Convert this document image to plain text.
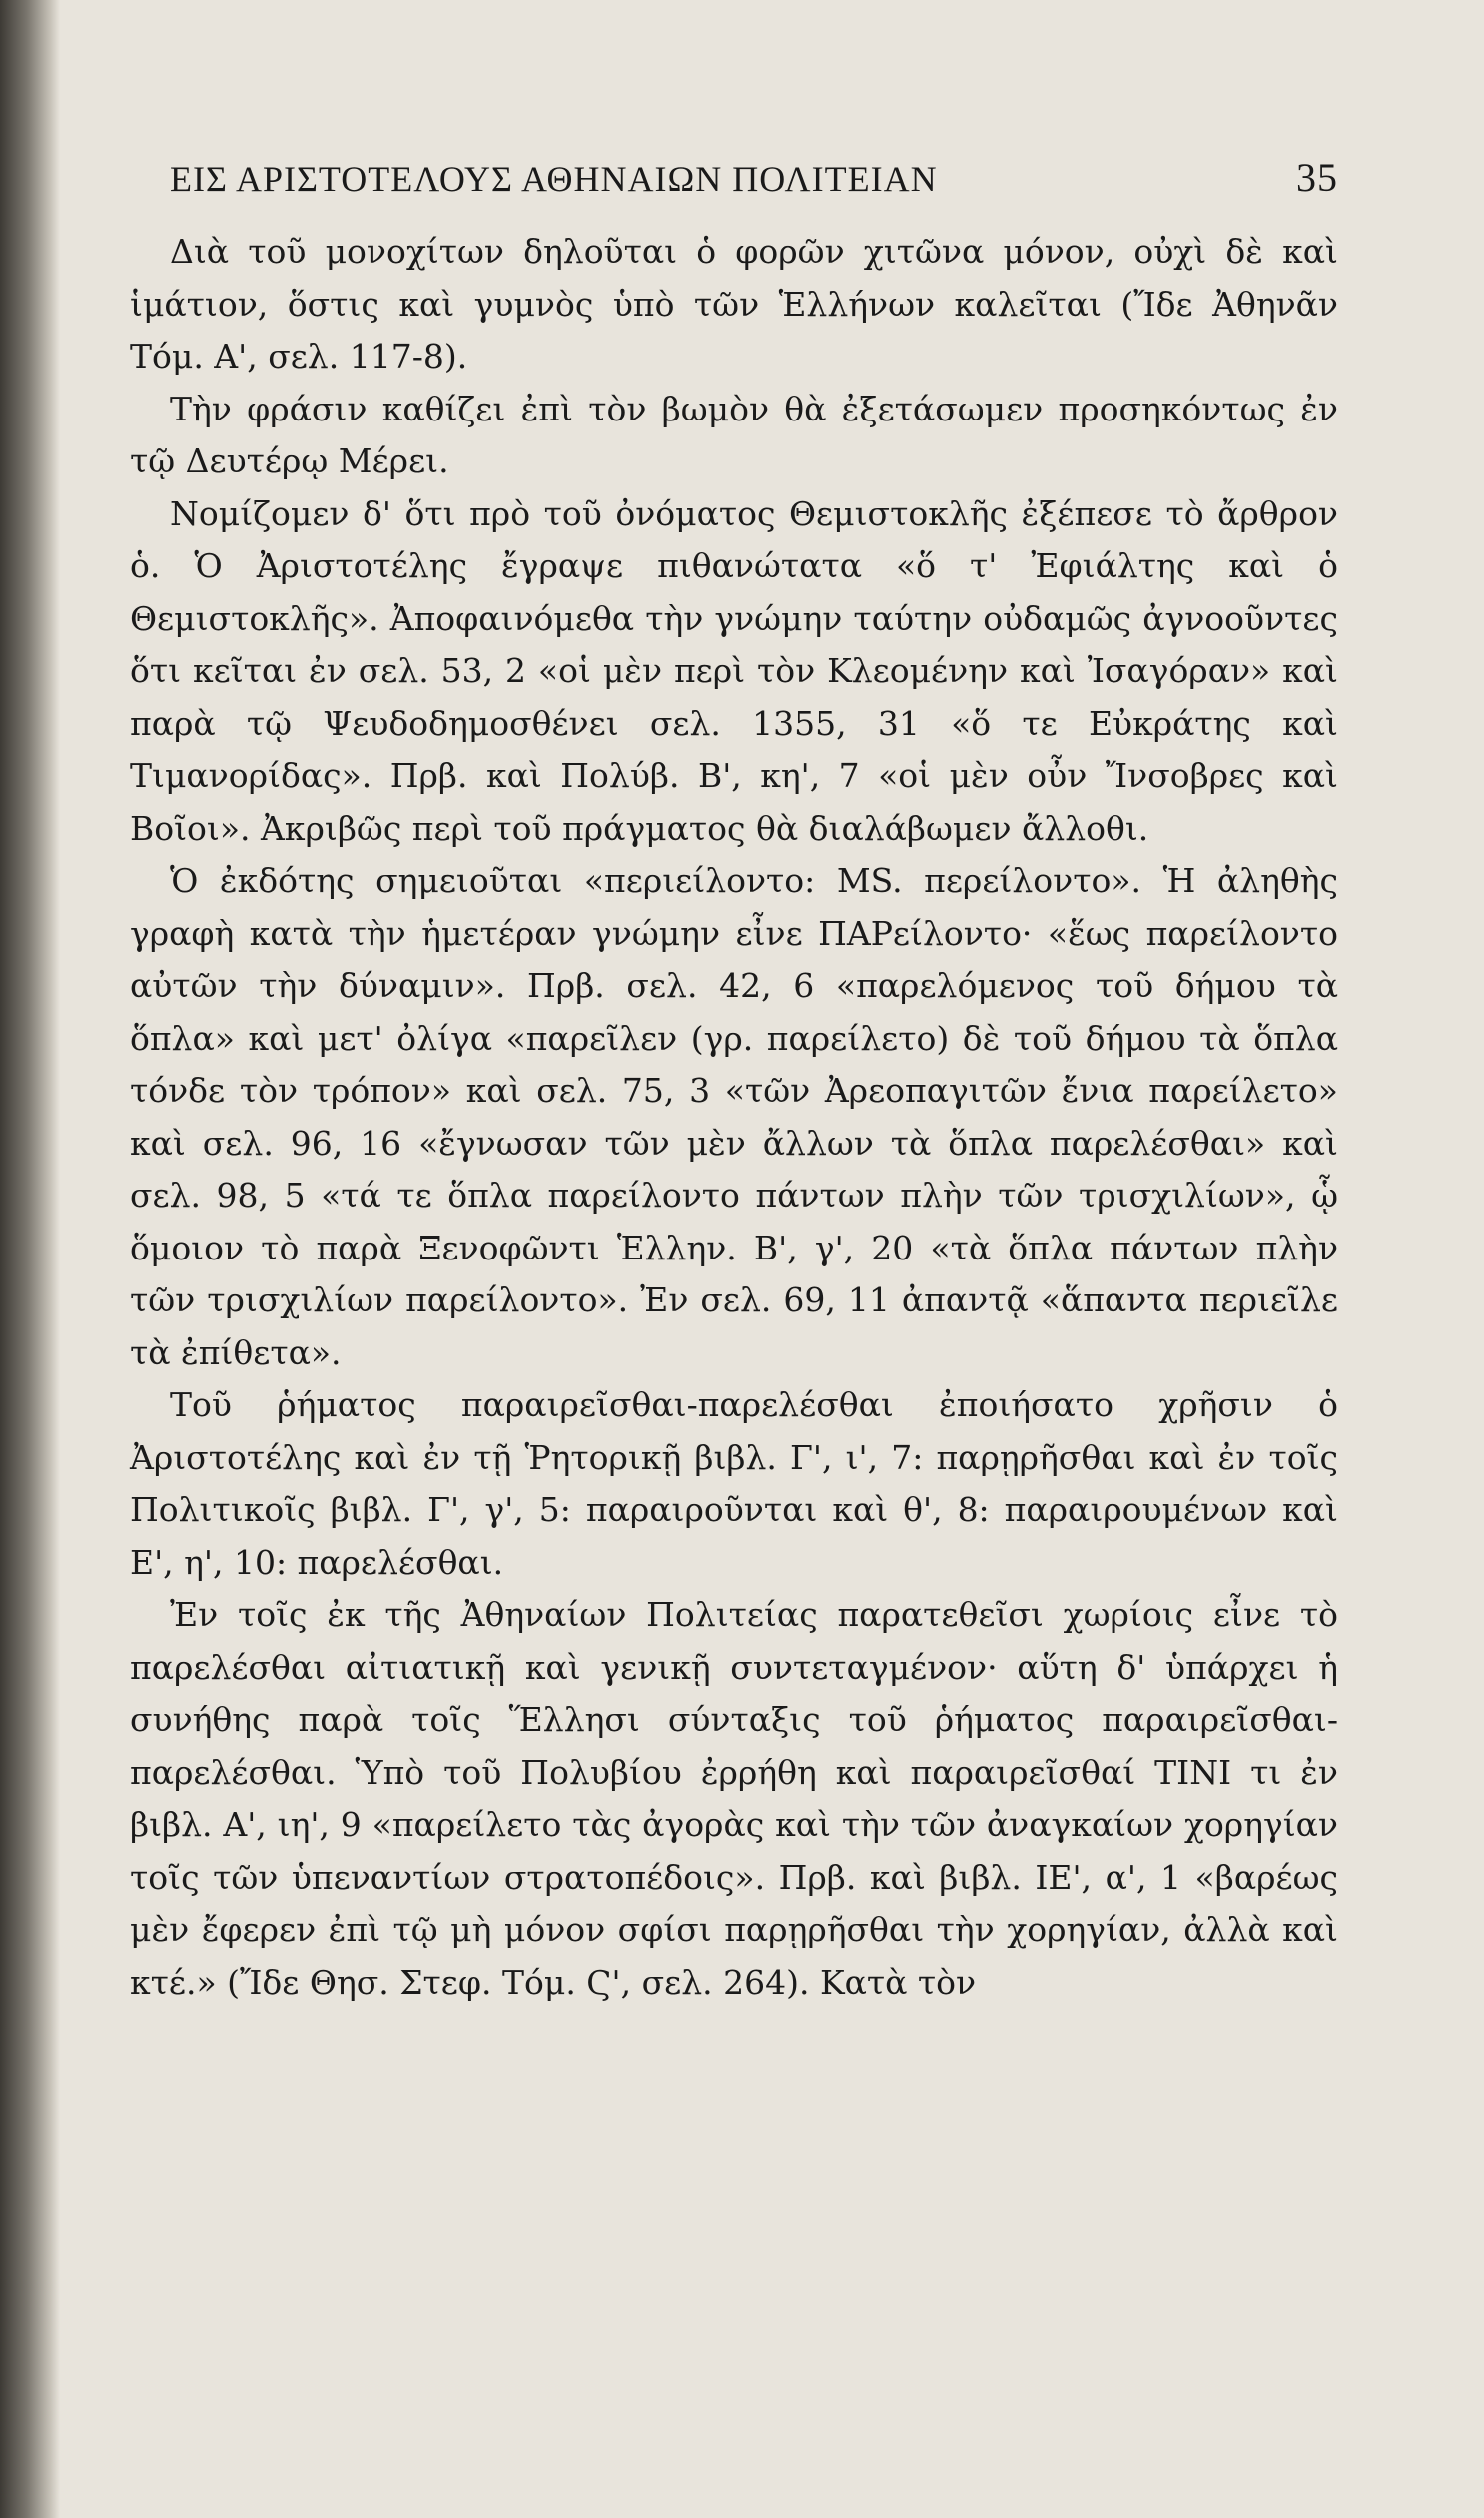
ΕΙΣ ΑΡΙΣΤΟΤΕΛΟΥΣ ΑΘΗΝΑΙΩΝ ΠΟΛΙΤΕΙΑΝ	35

Διὰ τοῦ μονοχίτων δηλοῦται ὁ φορῶν χιτῶνα μόνον, οὐχὶ δὲ καὶ ἱμάτιον, ὅστις καὶ γυμνὸς ὑπὸ τῶν Ἑλλήνων καλεῖται (Ἴδε Ἀθηνᾶν Τόμ. Α', σελ. 117-8).

Τὴν φράσιν καθίζει ἐπὶ τὸν βωμὸν θὰ ἐξετάσωμεν προσηκόντως ἐν τῷ Δευτέρῳ Μέρει.

Νομίζομεν δ' ὅτι πρὸ τοῦ ὀνόματος Θεμιστοκλῆς ἐξέπεσε τὸ ἄρθρον ὁ. Ὁ Ἀριστοτέλης ἔγραψε πιθανώτατα «ὅ τ' Ἐφιάλτης καὶ ὁ Θεμιστοκλῆς». Ἀποφαινόμεθα τὴν γνώμην ταύτην οὐδαμῶς ἀγνοοῦντες ὅτι κεῖται ἐν σελ. 53, 2 «οἱ μὲν περὶ τὸν Κλεομένην καὶ Ἰσαγόραν» καὶ παρὰ τῷ Ψευδοδημοσθένει σελ. 1355, 31 «ὅ τε Εὐκράτης καὶ Τιμανορίδας». Πρβ. καὶ Πολύβ. Β', κη', 7 «οἱ μὲν οὖν Ἴνσοβρες καὶ Βοῖοι». Ἀκριβῶς περὶ τοῦ πράγματος θὰ διαλάβωμεν ἄλλοθι.

Ὁ ἐκδότης σημειοῦται «περιείλοντο: MS. περείλοντο». Ἡ ἀληθὴς γραφὴ κατὰ τὴν ἡμετέραν γνώμην εἶνε ΠΑΡείλοντο· «ἕως παρείλοντο αὐτῶν τὴν δύναμιν». Πρβ. σελ. 42, 6 «παρελόμενος τοῦ δήμου τὰ ὅπλα» καὶ μετ' ὀλίγα «παρεῖλεν (γρ. παρείλετο) δὲ τοῦ δήμου τὰ ὅπλα τόνδε τὸν τρόπον» καὶ σελ. 75, 3 «τῶν Ἀρεοπαγιτῶν ἔνια παρείλετο» καὶ σελ. 96, 16 «ἔγνωσαν τῶν μὲν ἄλλων τὰ ὅπλα παρελέσθαι» καὶ σελ. 98, 5 «τά τε ὅπλα παρείλοντο πάντων πλὴν τῶν τρισχιλίων», ᾧ ὅμοιον τὸ παρὰ Ξενοφῶντι Ἑλλην. Β', γ', 20 «τὰ ὅπλα πάντων πλὴν τῶν τρισχιλίων παρείλοντο». Ἐν σελ. 69, 11 ἀπαντᾷ «ἅπαντα περιεῖλε τὰ ἐπίθετα».

Τοῦ ῥήματος παραιρεῖσθαι-παρελέσθαι ἐποιήσατο χρῆσιν ὁ Ἀριστοτέλης καὶ ἐν τῇ Ῥητορικῇ βιβλ. Γ', ι', 7: παρῃρῆσθαι καὶ ἐν τοῖς Πολιτικοῖς βιβλ. Γ', γ', 5: παραιροῦνται καὶ θ', 8: παραιρουμένων καὶ Ε', η', 10: παρελέσθαι.

Ἐν τοῖς ἐκ τῆς Ἀθηναίων Πολιτείας παρατεθεῖσι χωρίοις εἶνε τὸ παρελέσθαι αἰτιατικῇ καὶ γενικῇ συντεταγμένον· αὕτη δ' ὑπάρχει ἡ συνήθης παρὰ τοῖς Ἕλλησι σύνταξις τοῦ ῥήματος παραιρεῖσθαι-παρελέσθαι. Ὑπὸ τοῦ Πολυβίου ἐρρήθη καὶ παραιρεῖσθαί ΤΙΝΙ τι ἐν βιβλ. Α', ιη', 9 «παρείλετο τὰς ἀγορὰς καὶ τὴν τῶν ἀναγκαίων χορηγίαν τοῖς τῶν ὑπεναντίων στρατοπέδοις». Πρβ. καὶ βιβλ. ΙΕ', α', 1 «βαρέως μὲν ἔφερεν ἐπὶ τῷ μὴ μόνον σφίσι παρῃρῆσθαι τὴν χορηγίαν, ἀλλὰ καὶ κτέ.» (Ἴδε Θησ. Στεφ. Τόμ. Ϛ', σελ. 264). Κατὰ τὸν
